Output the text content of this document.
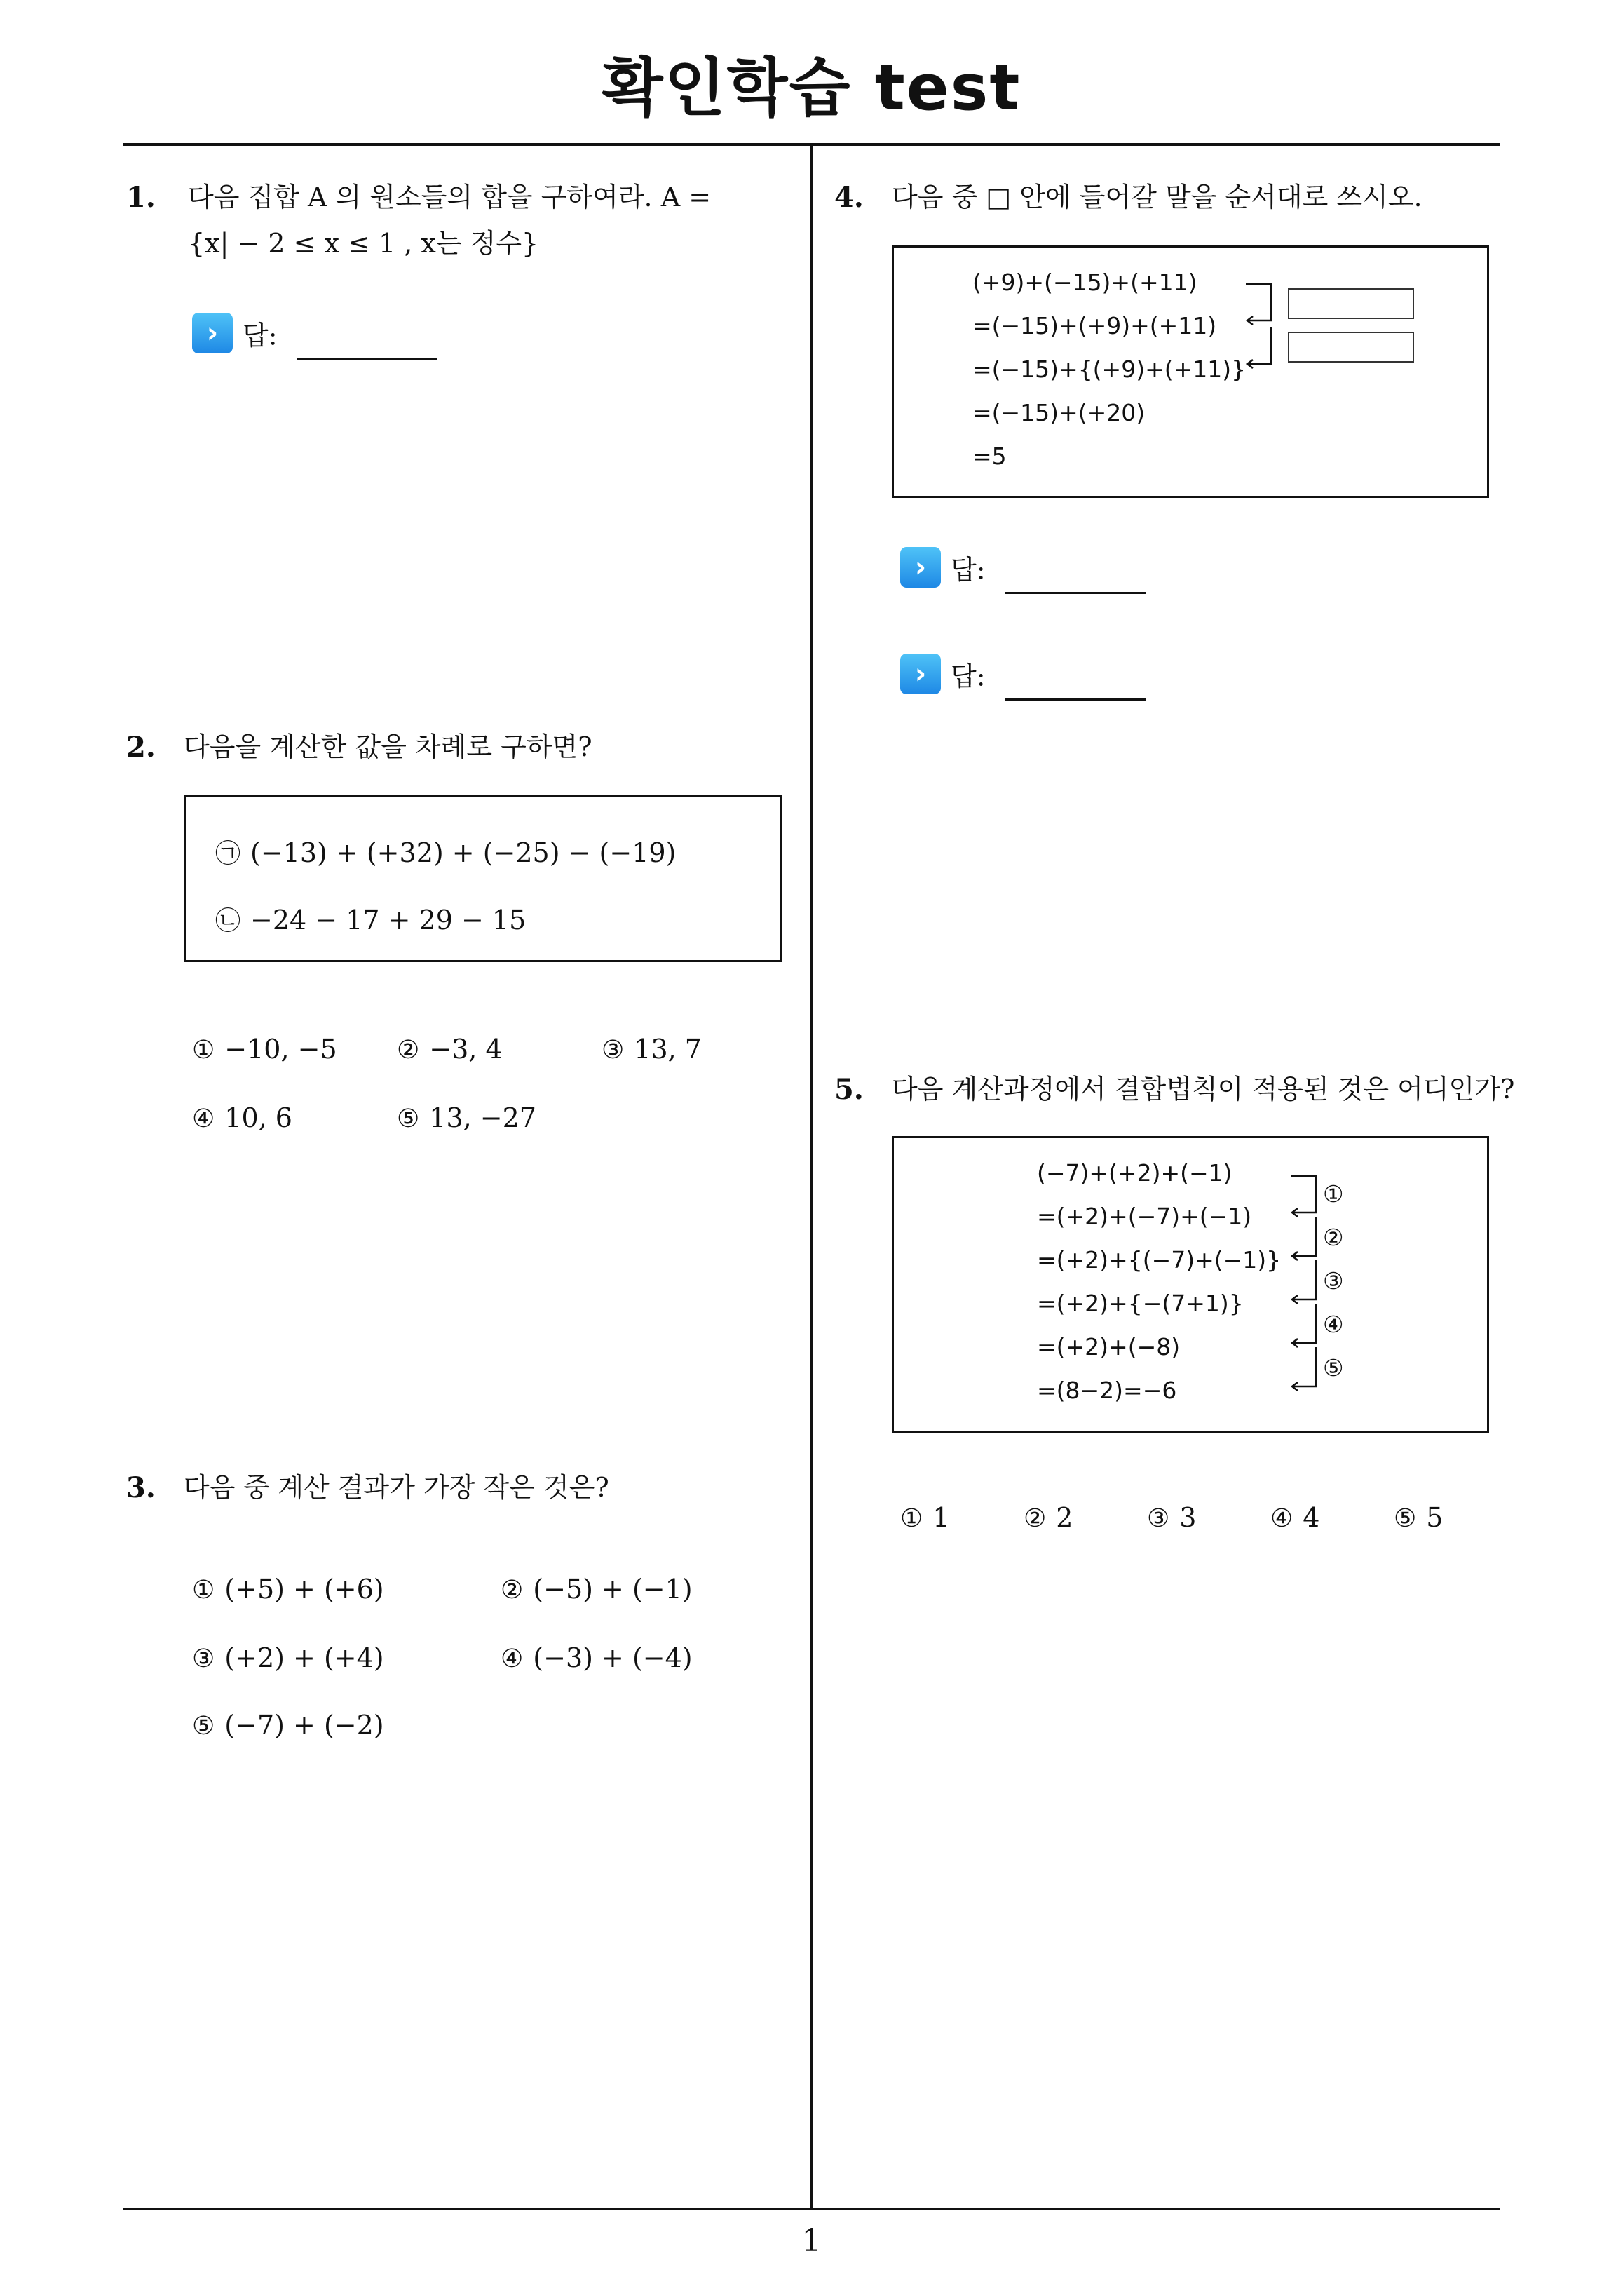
확인학습 test
1
1. 다음 집합 A 의 원소들의 합을 구하여라. A =
{x| − 2 ≤ x ≤ 1 , x는 정수}
› 답:
2. 다음을 계산한 값을 차례로 구하면?
㉠ (−13) + (+32) + (−25) − (−19)
㉡ −24 − 17 + 29 − 15
① −10, −5 ② −3, 4	③ 13, 7
④ 10, 6	⑤ 13, −27
3. 다음 중 계산 결과가 가장 작은 것은?
① (+5) + (+6)	② (−5) + (−1)
③ (+2) + (+4)	④ (−3) + (−4)
⑤ (−7) + (−2)
4. 다음 중 □ 안에 들어갈 말을 순서대로 쓰시오.
(+9)+(−15)+(+11)
=(−15)+(+9)+(+11)
=(−15)+{(+9)+(+11)}
=(−15)+(+20)
=5
› 답:
› 답:
5. 다음 계산과정에서 결합법칙이 적용된 것은 어디인가?
(−7)+(+2)+(−1)
=(+2)+(−7)+(−1)
=(+2)+{(−7)+(−1)}
=(+2)+{−(7+1)}
=(+2)+(−8)
=(8−2)=−6
①
②
③
④
⑤
① 1	② 2	③ 3	④ 4	⑤ 5
